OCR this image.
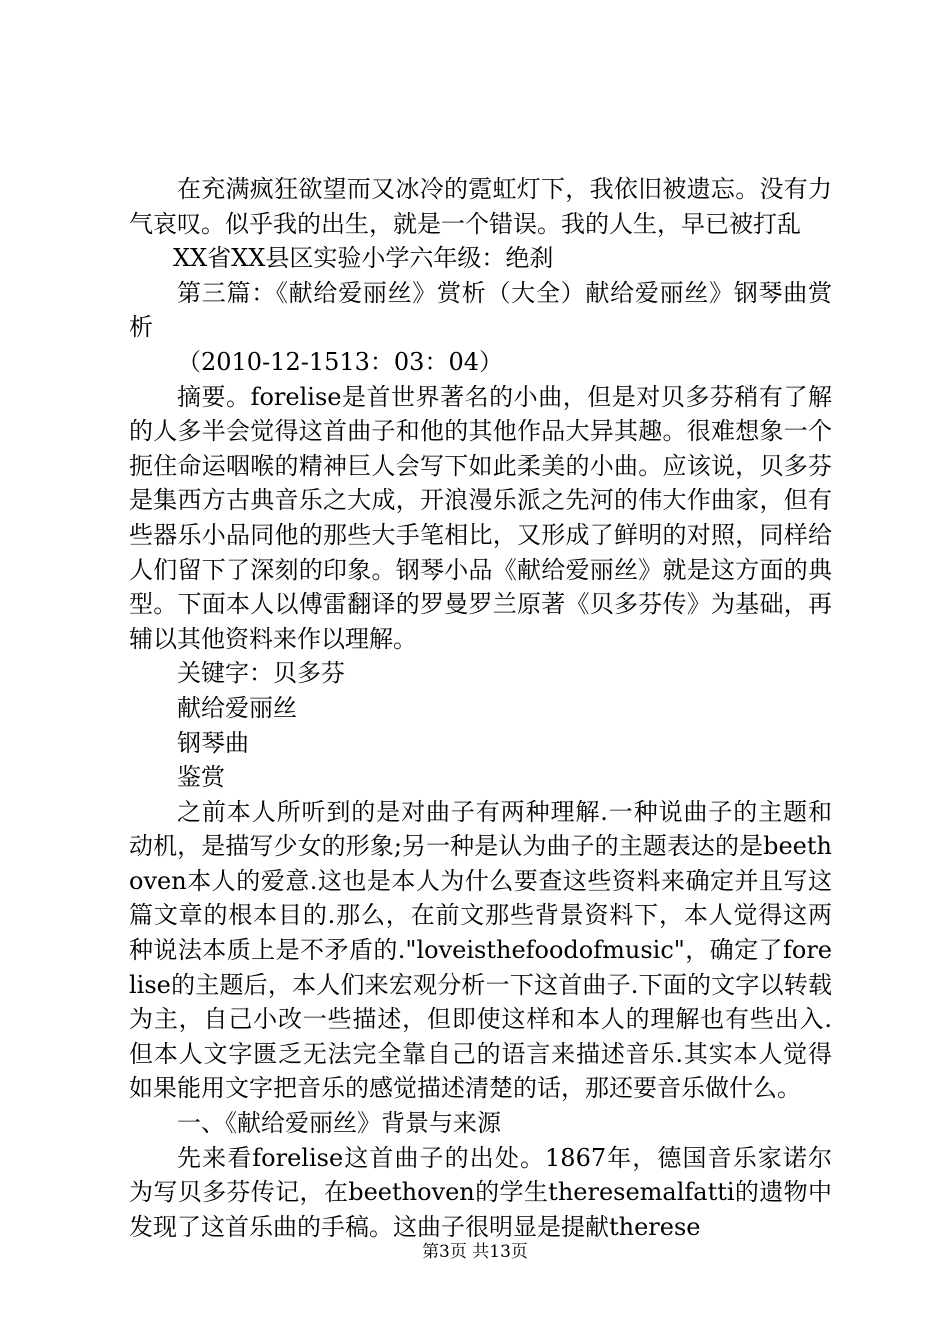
在充满疯狂欲望而又冰冷的霓虹灯下，我依旧被遗忘。没有力气哀叹。似乎我的出生，就是一个错误。我的人生，早已被打乱

XX省XX县区实验小学六年级：绝刹

第三篇：《献给爱丽丝》赏析（大全）献给爱丽丝》钢琴曲赏析

（2010-12-1513：03：04）

摘要。forelise是首世界著名的小曲，但是对贝多芬稍有了解的人多半会觉得这首曲子和他的其他作品大异其趣。很难想象一个扼住命运咽喉的精神巨人会写下如此柔美的小曲。应该说，贝多芬是集西方古典音乐之大成，开浪漫乐派之先河的伟大作曲家，但有些器乐小品同他的那些大手笔相比，又形成了鲜明的对照，同样给人们留下了深刻的印象。钢琴小品《献给爱丽丝》就是这方面的典型。下面本人以傅雷翻译的罗曼罗兰原著《贝多芬传》为基础，再辅以其他资料来作以理解。

关键字：贝多芬

献给爱丽丝

钢琴曲

鉴赏

之前本人所听到的是对曲子有两种理解.一种说曲子的主题和动机，是描写少女的形象;另一种是认为曲子的主题表达的是beethoven本人的爱意.这也是本人为什么要查这些资料来确定并且写这篇文章的根本目的.那么，在前文那些背景资料下，本人觉得这两种说法本质上是不矛盾的."loveisthefoodofmusic"，确定了forelise的主题后，本人们来宏观分析一下这首曲子.下面的文字以转载为主，自己小改一些描述，但即使这样和本人的理解也有些出入.但本人文字匮乏无法完全靠自己的语言来描述音乐.其实本人觉得如果能用文字把音乐的感觉描述清楚的话，那还要音乐做什么。

一、《献给爱丽丝》背景与来源

先来看forelise这首曲子的出处。1867年，德国音乐家诺尔为写贝多芬传记，在beethoven的学生theresemalfatti的遗物中发现了这首乐曲的手稿。这曲子很明显是提献therese

第3页 共13页
